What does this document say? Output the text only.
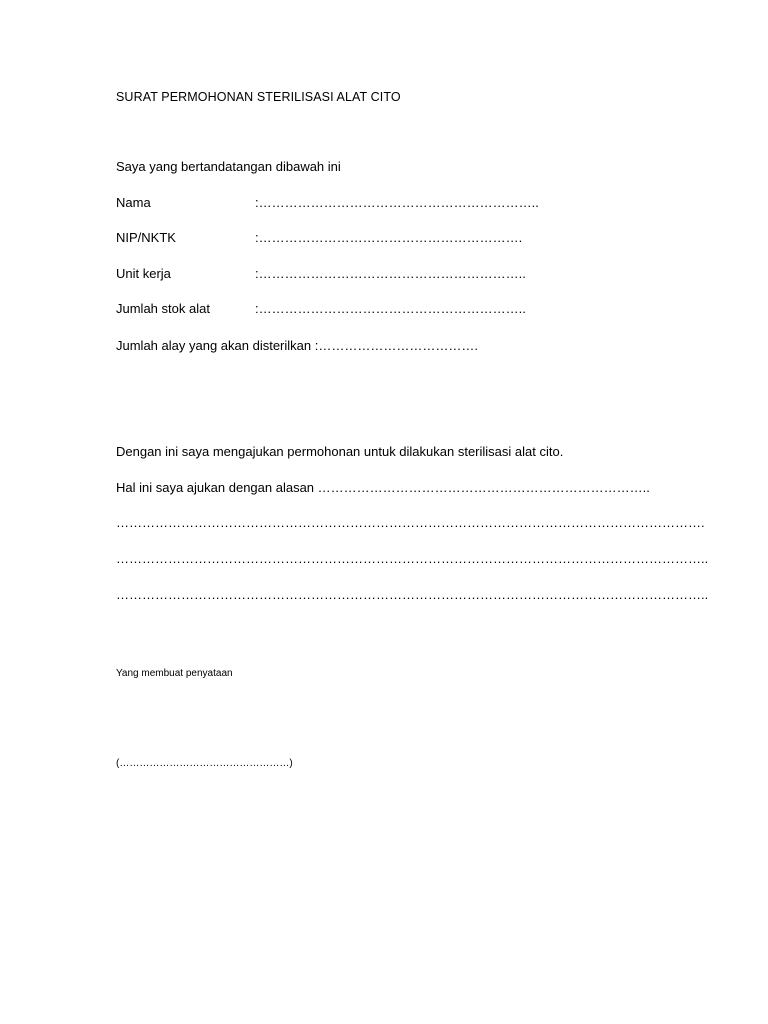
SURAT PERMOHONAN STERILISASI ALAT CITO
Saya yang bertandatangan dibawah ini
Nama	:………………………………………………………..
NIP/NKTK	:…………………………………………………….
Unit kerja	:……………………………………………………..
Jumlah stok alat	:……………………………………………………..
Jumlah alay yang akan disterilkan :……………………………….
Dengan ini saya mengajukan permohonan untuk dilakukan sterilisasi alat cito.
Hal ini saya ajukan dengan alasan …………………………………………………………………..
……………………………………………………………………………………………………………………….
………………………………………………………………………………………………………………………..
………………………………………………………………………………………………………………………..
Yang membuat penyataan
(……………………………………………)
